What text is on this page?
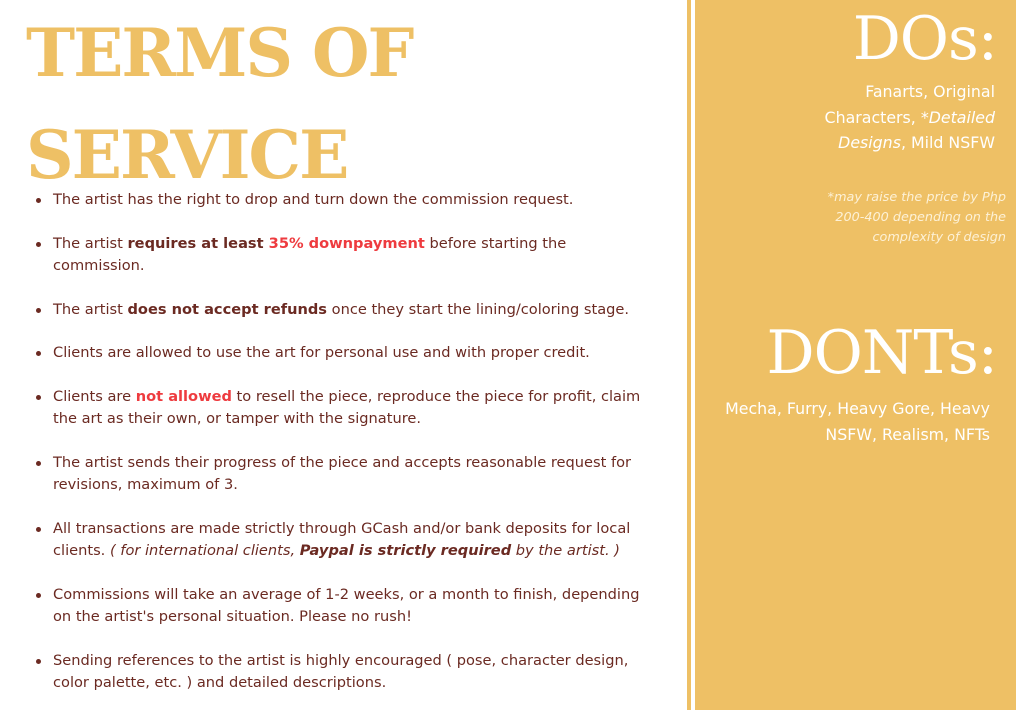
TERMS OF
SERVICE
The artist has the right to drop and turn down the commission request.
The artist requires at least 35% downpayment before starting the commission.
The artist does not accept refunds once they start the lining/coloring stage.
Clients are allowed to use the art for personal use and with proper credit.
Clients are not allowed to resell the piece, reproduce the piece for profit, claim the art as their own, or tamper with the signature.
The artist sends their progress of the piece and accepts reasonable request for revisions, maximum of 3.
All transactions are made strictly through GCash and/or bank deposits for local clients. ( for international clients, Paypal is strictly required by the artist. )
Commissions will take an average of 1-2 weeks, or a month to finish, depending on the artist's personal situation. Please no rush!
Sending references to the artist is highly encouraged ( pose, character design, color palette, etc. ) and detailed descriptions.
DOs:

Fanarts, Original Characters, *Detailed Designs, Mild NSFW

*may raise the price by Php 200-400 depending on the complexity of design

DONTs:

Mecha, Furry, Heavy Gore, Heavy NSFW, Realism, NFTs
